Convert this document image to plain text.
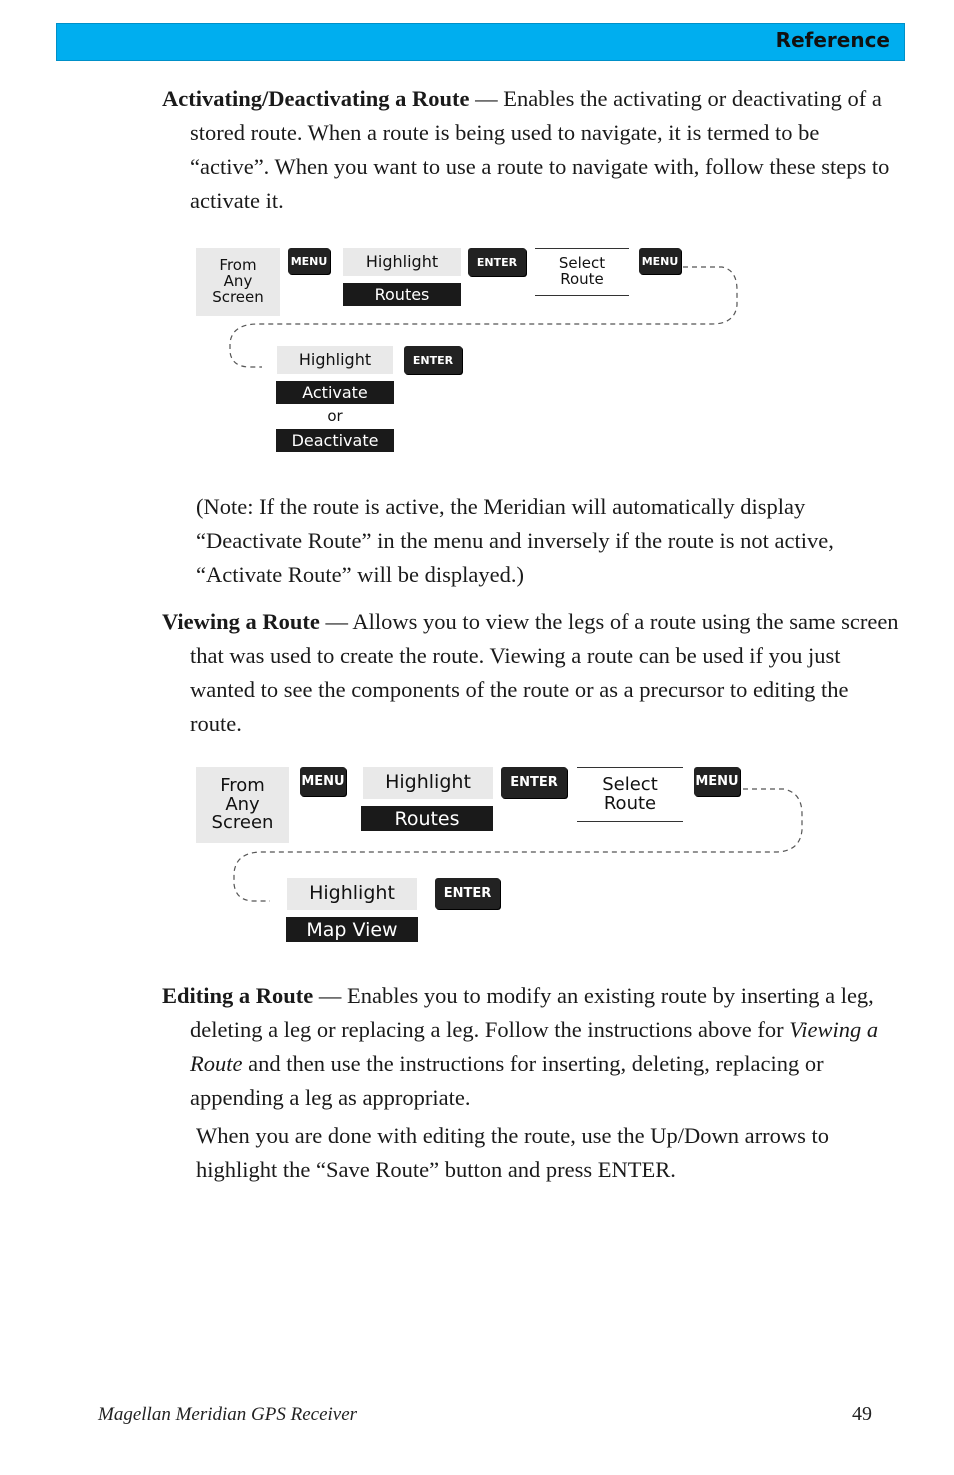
Reference

Activating/Deactivating a Route — Enables the activating or deactivating of a stored route. When a route is being used to navigate, it is termed to be “active”. When you want to use a route to navigate with, follow these steps to activate it.

From
Any
Screen
MENU	Highlight
Routes
ENTER	Select
Route
MENU
Highlight	ENTER
Activate
or
Deactivate

(Note: If the route is active, the Meridian will automatically display “Deactivate Route” in the menu and inversely if the route is not active, “Activate Route” will be displayed.)

Viewing a Route — Allows you to view the legs of a route using the same screen that was used to create the route. Viewing a route can be used if you just wanted to see the components of the route or as a precursor to editing the route.

From
Any
Screen
MENU	Highlight
Routes
ENTER	Select
Route
MENU
Highlight	ENTER
Map View

Editing a Route — Enables you to modify an existing route by inserting a leg, deleting a leg or replacing a leg. Follow the instructions above for Viewing a Route and then use the instructions for inserting, deleting, replacing or appending a leg as appropriate.

When you are done with editing the route, use the Up/Down arrows to highlight the “Save Route” button and press ENTER.

Magellan Meridian GPS Receiver	49
